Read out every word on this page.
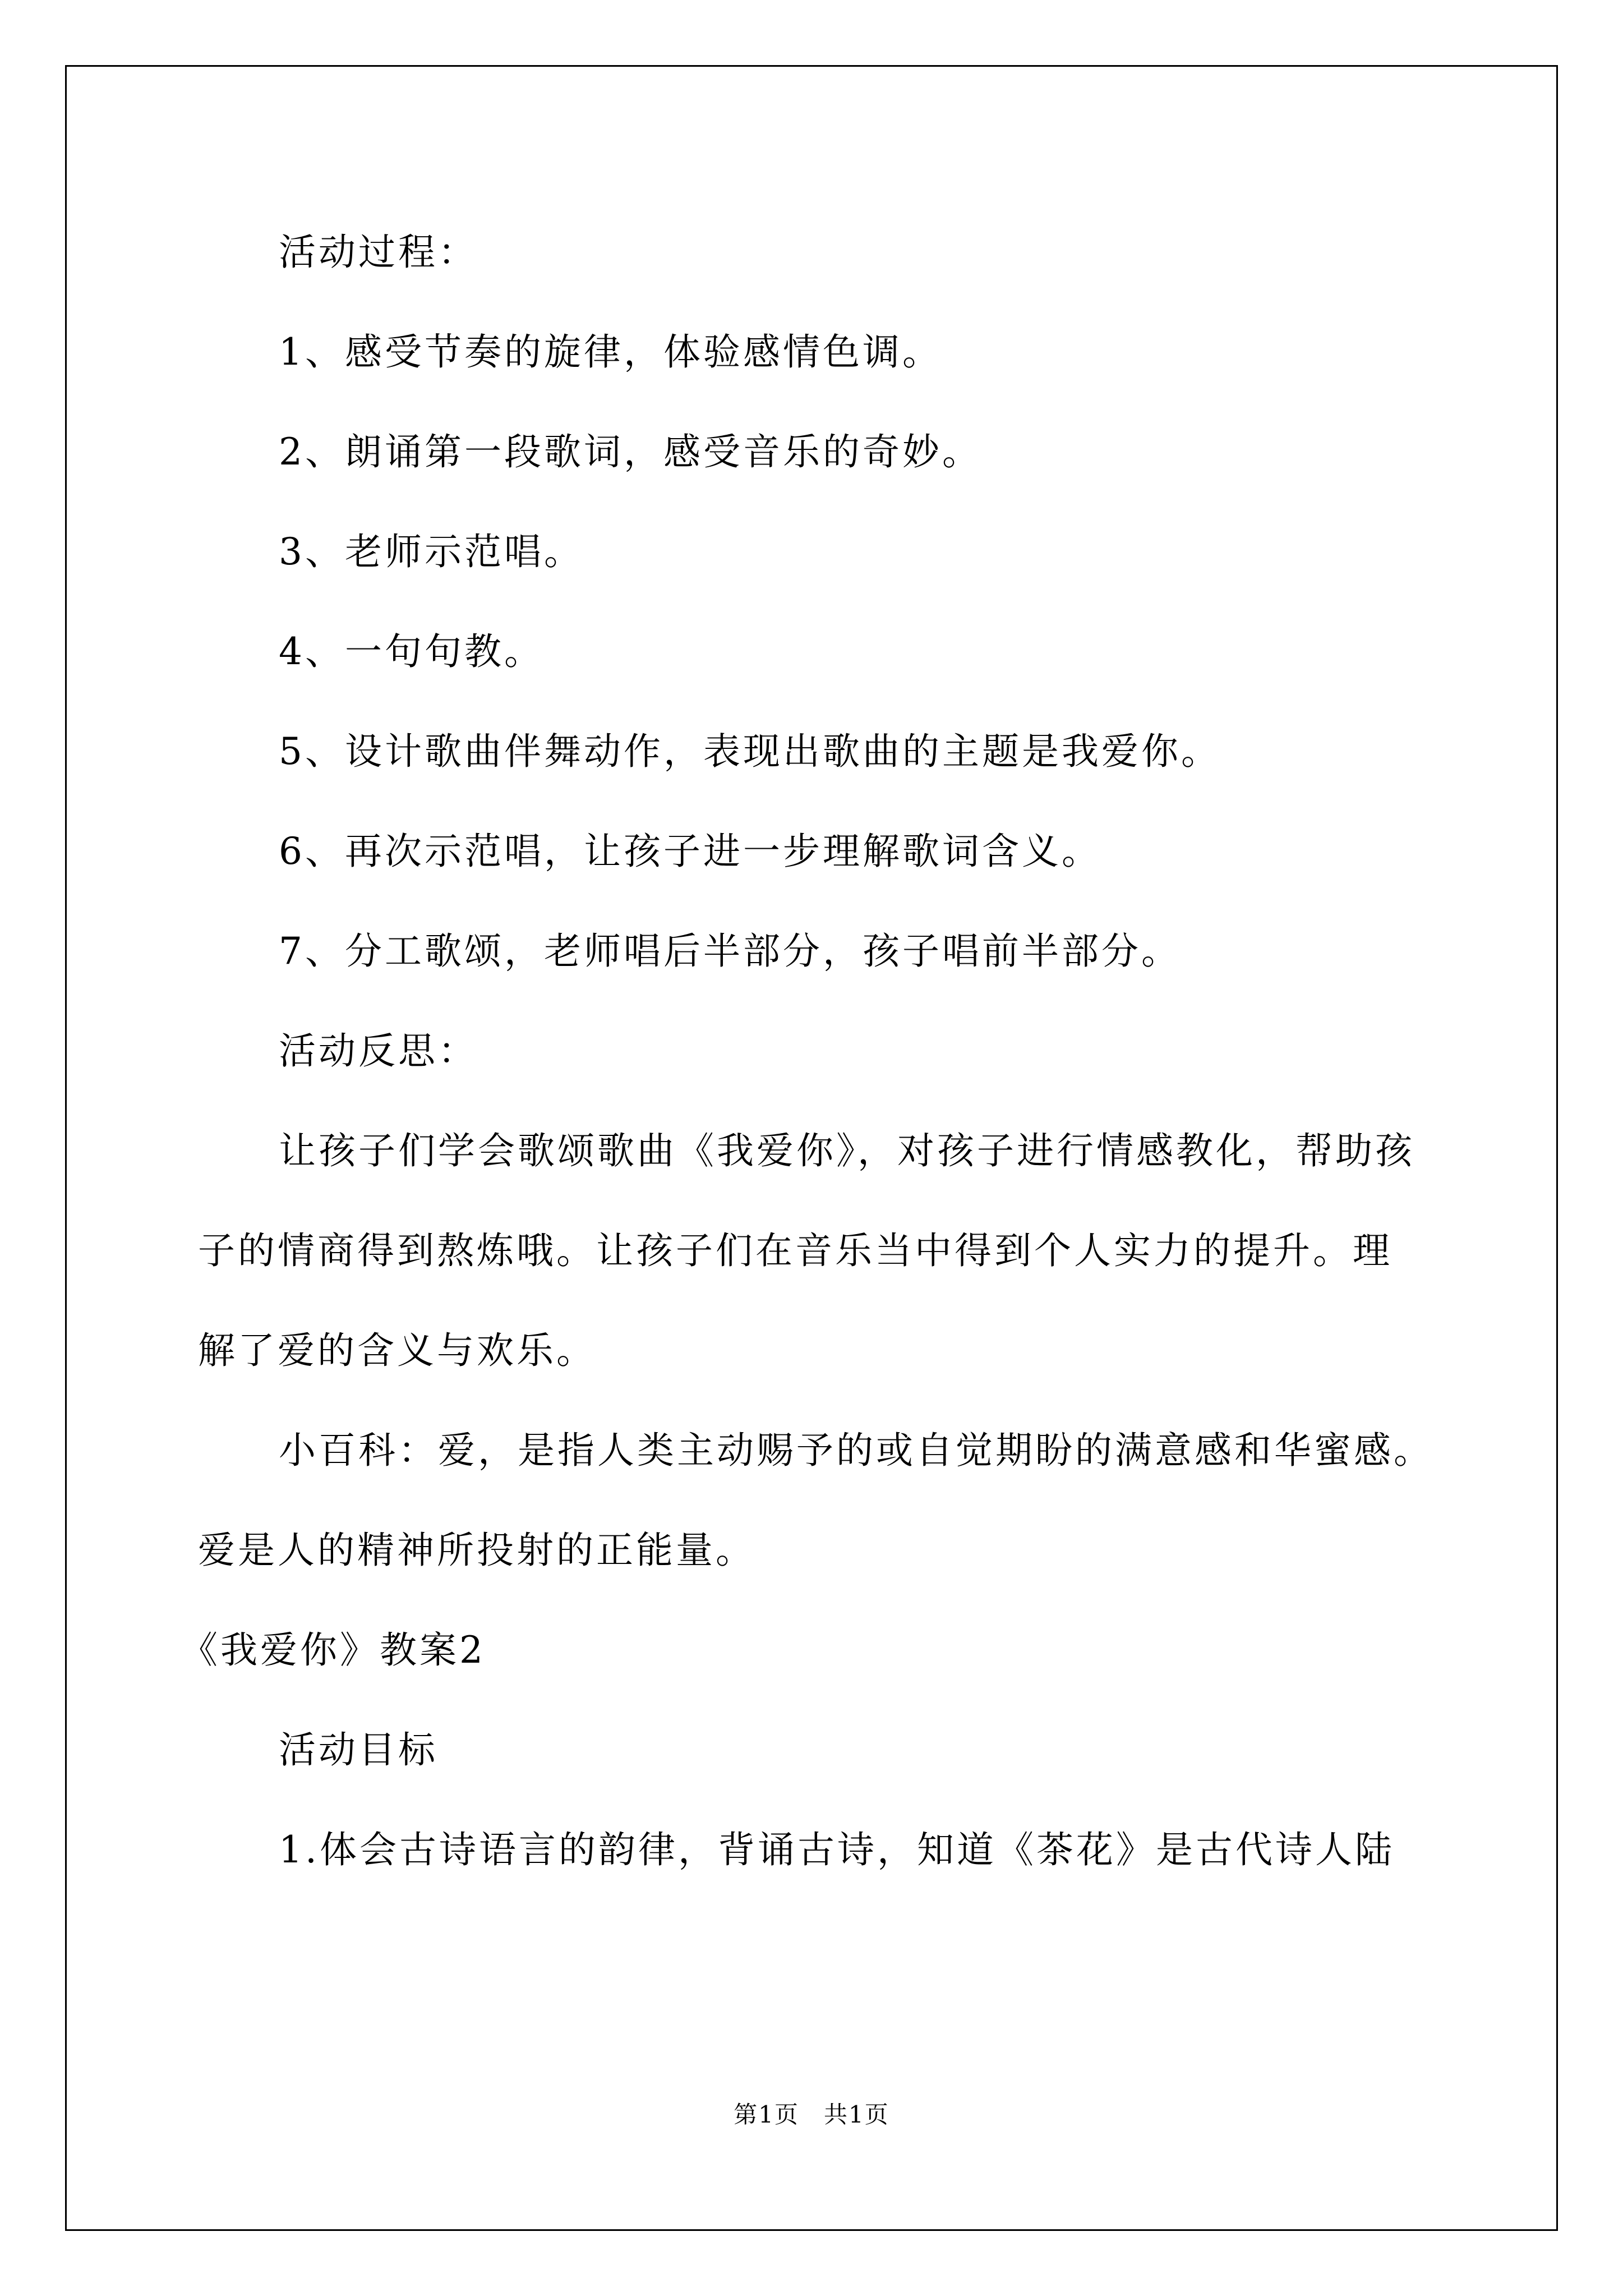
活动过程：
1、感受节奏的旋律，体验感情色调。
2、朗诵第一段歌词，感受音乐的奇妙。
3、老师示范唱。
4、一句句教。
5、设计歌曲伴舞动作，表现出歌曲的主题是我爱你。
6、再次示范唱，让孩子进一步理解歌词含义。
7、分工歌颂，老师唱后半部分，孩子唱前半部分。
活动反思：
让孩子们学会歌颂歌曲《我爱你》，对孩子进行情感教化，帮助孩
子的情商得到熬炼哦。让孩子们在音乐当中得到个人实力的提升。理
解了爱的含义与欢乐。
小百科：爱，是指人类主动赐予的或自觉期盼的满意感和华蜜感。
爱是人的精神所投射的正能量。
《我爱你》教案2
活动目标
1.体会古诗语言的韵律，背诵古诗，知道《茶花》是古代诗人陆
第1页　共1页
